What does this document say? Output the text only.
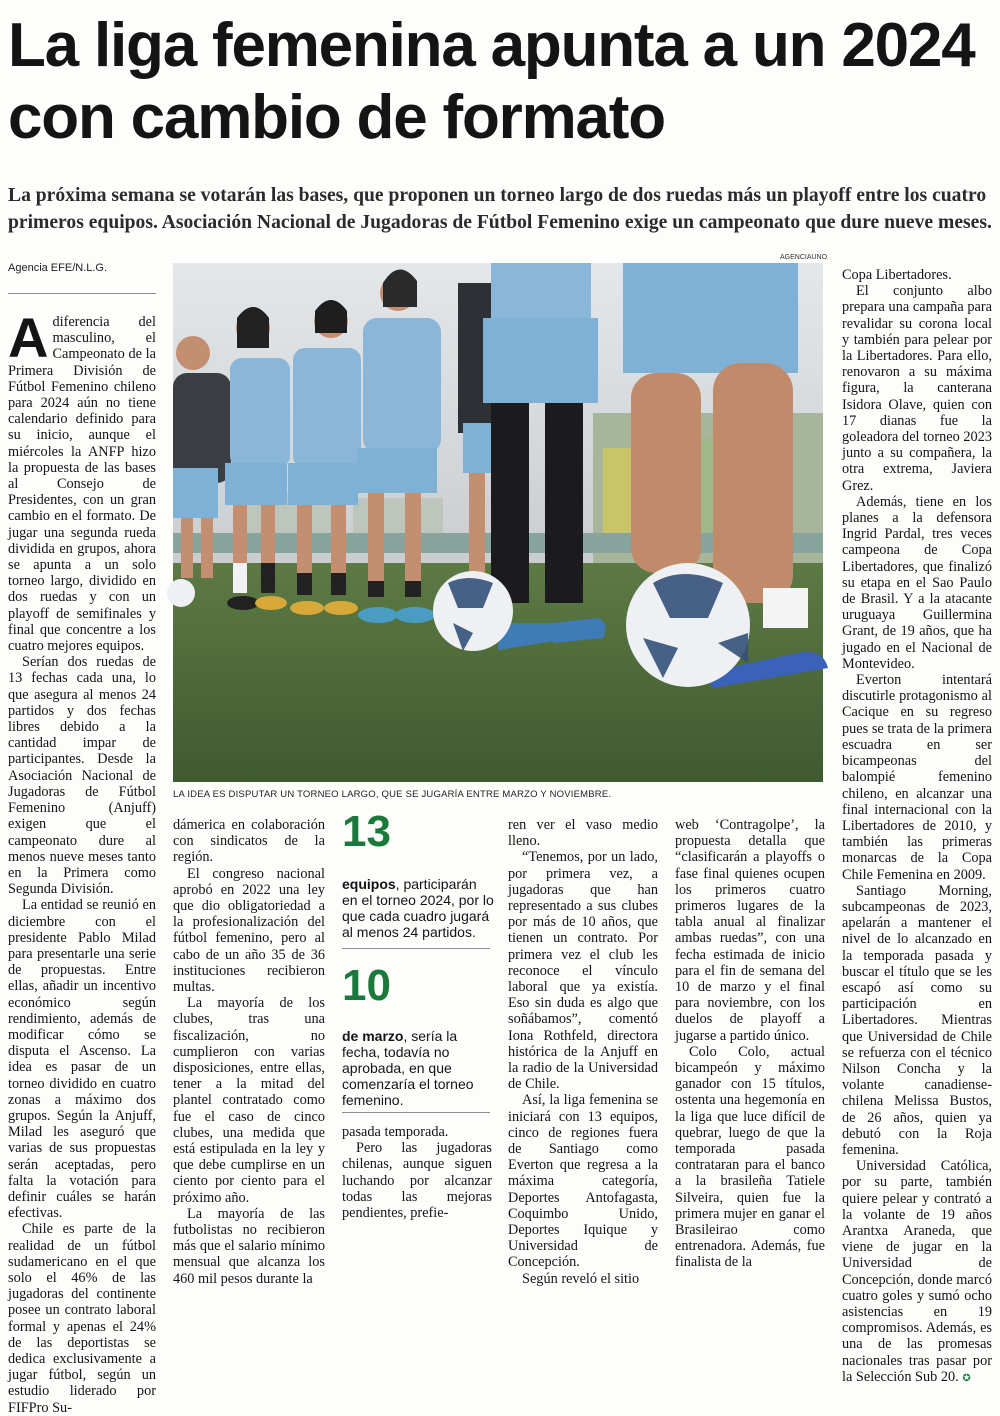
La liga femenina apunta a un 2024 con cambio de formato

La próxima semana se votarán las bases, que proponen un torneo largo de dos ruedas más un playoff entre los cuatro primeros equipos. Asociación Nacional de Jugadoras de Fútbol Femenino exige un campeonato que dure nueve meses.

Agencia EFE/N.L.G.

Adiferencia del masculino, el Campeonato de la Primera División de Fútbol Femenino chileno para 2024 aún no tiene calendario definido para su inicio, aunque el miércoles la ANFP hizo la propuesta de las bases al Consejo de Presidentes, con un gran cambio en el formato. De jugar una segunda rueda dividida en grupos, ahora se apunta a un solo torneo largo, dividido en dos ruedas y con un playoff de semifinales y final que concentre a los cuatro mejores equipos.

Serían dos ruedas de 13 fechas cada una, lo que asegura al menos 24 partidos y dos fechas libres debido a la cantidad impar de participantes. Desde la Asociación Nacional de Jugadoras de Fútbol Femenino (Anjuff) exigen que el campeonato dure al menos nueve meses tanto en la Primera como Segunda División.

La entidad se reunió en diciembre con el presidente Pablo Milad para presentarle una serie de propuestas. Entre ellas, añadir un incentivo económico según rendimiento, además de modificar cómo se disputa el Ascenso. La idea es pasar de un torneo dividido en cuatro zonas a máximo dos grupos. Según la Anjuff, Milad les aseguró que varias de sus propuestas serán aceptadas, pero falta la votación para definir cuáles se harán efectivas.

Chile es parte de la realidad de un fútbol sudamericano en el que solo el 46% de las jugadoras del continente posee un contrato laboral formal y apenas el 24% de las deportistas se dedica exclusivamente a jugar fútbol, según un estudio liderado por FIFPro Su-

AGENCIAUNO
LA IDEA ES DISPUTAR UN TORNEO LARGO, QUE SE JUGARÍA ENTRE MARZO Y NOVIEMBRE.

dámerica en colaboración con sindicatos de la región.

El congreso nacional aprobó en 2022 una ley que dio obligatoriedad a la profesionalización del fútbol femenino, pero al cabo de un año 35 de 36 instituciones recibieron multas.

La mayoría de los clubes, tras una fiscalización, no cumplieron con varias disposiciones, entre ellas, tener a la mitad del plantel contratado como fue el caso de cinco clubes, una medida que está estipulada en la ley y que debe cumplirse en un ciento por ciento para el próximo año.

La mayoría de las futbolistas no recibieron más que el salario mínimo mensual que alcanza los 460 mil pesos durante la

13
equipos, participarán en el torneo 2024, por lo que cada cuadro jugará al menos 24 partidos.
10
de marzo, sería la fecha, todavía no aprobada, en que comenzaría el torneo femenino.

pasada temporada.

Pero las jugadoras chilenas, aunque siguen luchando por alcanzar todas las mejoras pendientes, prefie-

ren ver el vaso medio lleno.

“Tenemos, por un lado, por primera vez, a jugadoras que han representado a sus clubes por más de 10 años, que tienen un contrato. Por primera vez el club les reconoce el vínculo laboral que ya existía. Eso sin duda es algo que soñábamos”, comentó Iona Rothfeld, directora histórica de la Anjuff en la radio de la Universidad de Chile.

Así, la liga femenina se iniciará con 13 equipos, cinco de regiones fuera de Santiago como Everton que regresa a la máxima categoría, Deportes Antofagasta, Coquimbo Unido, Deportes Iquique y Universidad de Concepción.

Según reveló el sitio

web ‘Contragolpe’, la propuesta detalla que “clasificarán a playoffs o fase final quienes ocupen los primeros cuatro primeros lugares de la tabla anual al finalizar ambas ruedas”, con una fecha estimada de inicio para el fin de semana del 10 de marzo y el final para noviembre, con los duelos de playoff a jugarse a partido único.

Colo Colo, actual bicampeón y máximo ganador con 15 títulos, ostenta una hegemonía en la liga que luce difícil de quebrar, luego de que la temporada pasada contrataran para el banco a la brasileña Tatiele Silveira, quien fue la primera mujer en ganar el Brasileirao como entrenadora. Además, fue finalista de la

Copa Libertadores.

El conjunto albo prepara una campaña para revalidar su corona local y también para pelear por la Libertadores. Para ello, renovaron a su máxima figura, la canterana Isidora Olave, quien con 17 dianas fue la goleadora del torneo 2023 junto a su compañera, la otra extrema, Javiera Grez.

Además, tiene en los planes a la defensora Ingrid Pardal, tres veces campeona de Copa Libertadores, que finalizó su etapa en el Sao Paulo de Brasil. Y a la atacante uruguaya Guillermina Grant, de 19 años, que ha jugado en el Nacional de Montevideo.

Everton intentará discutirle protagonismo al Cacique en su regreso pues se trata de la primera escuadra en ser bicampeonas del balompié femenino chileno, en alcanzar una final internacional con la Libertadores de 2010, y también las primeras monarcas de la Copa Chile Femenina en 2009.

Santiago Morning, subcampeonas de 2023, apelarán a mantener el nivel de lo alcanzado en la temporada pasada y buscar el título que se les escapó así como su participación en Libertadores. Mientras que Universidad de Chile se refuerza con el técnico Nilson Concha y la volante canadiense-chilena Melissa Bustos, de 26 años, quien ya debutó con la Roja femenina.

Universidad Católica, por su parte, también quiere pelear y contrató a la volante de 19 años Arantxa Araneda, que viene de jugar en la Universidad de Concepción, donde marcó cuatro goles y sumó ocho asistencias en 19 compromisos. Además, es una de las promesas nacionales tras pasar por la Selección Sub 20. ✪
